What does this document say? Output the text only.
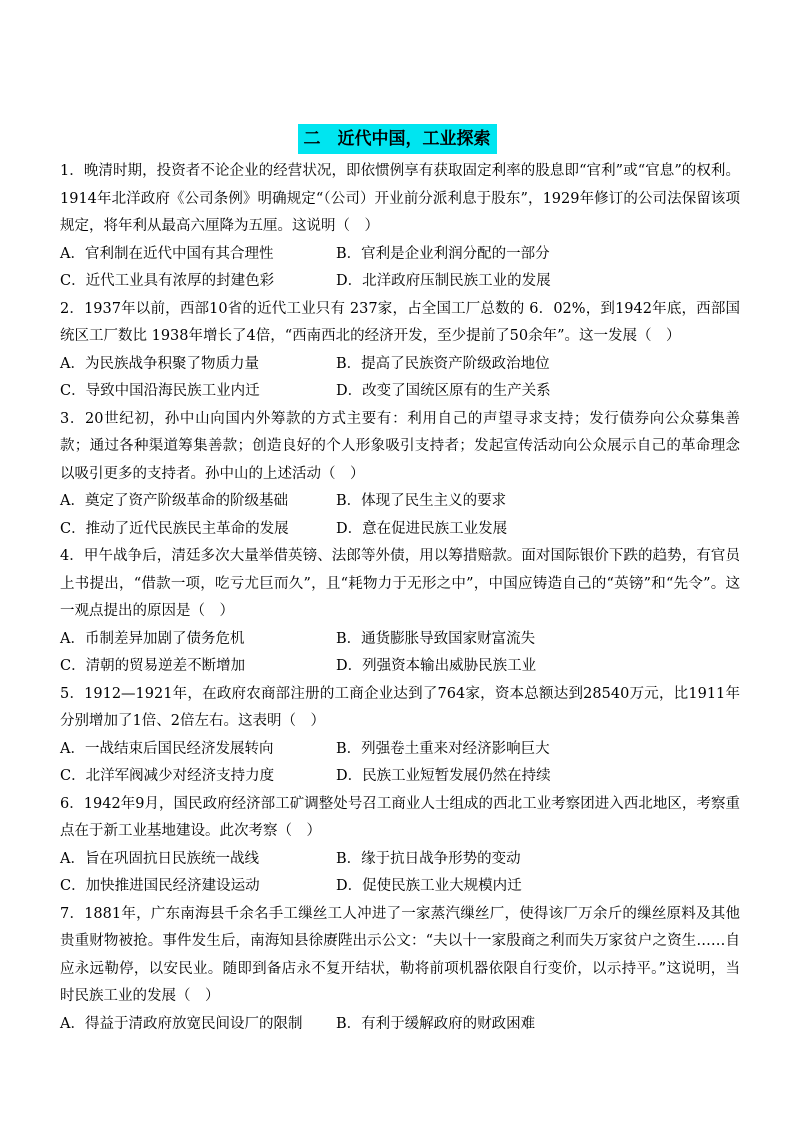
二　近代中国，工业探索

1．晚清时期，投资者不论企业的经营状况，即依惯例享有获取固定利率的股息即“官利”或“官息”的权利。1914年北洋政府《公司条例》明确规定“（公司）开业前分派利息于股东”，1929年修订的公司法保留该项规定，将年利从最高六厘降为五厘。这说明（　）

A．官利制在近代中国有其合理性	B．官利是企业利润分配的一部分
C．近代工业具有浓厚的封建色彩	D．北洋政府压制民族工业的发展

2．1937年以前，西部10省的近代工业只有 237家，占全国工厂总数的 6．02%，到1942年底，西部国统区工厂数比 1938年增长了4倍，“西南西北的经济开发，至少提前了50余年”。这一发展（　）

A．为民族战争积聚了物质力量	B．提高了民族资产阶级政治地位
C．导致中国沿海民族工业内迁	D．改变了国统区原有的生产关系

3．20世纪初，孙中山向国内外筹款的方式主要有：利用自己的声望寻求支持；发行债券向公众募集善款；通过各种渠道筹集善款；创造良好的个人形象吸引支持者；发起宣传活动向公众展示自己的革命理念以吸引更多的支持者。孙中山的上述活动（　）

A．奠定了资产阶级革命的阶级基础	B．体现了民生主义的要求
C．推动了近代民族民主革命的发展	D．意在促进民族工业发展

4．甲午战争后，清廷多次大量举借英镑、法郎等外债，用以筹措赔款。面对国际银价下跌的趋势，有官员上书提出，“借款一项，吃亏尤巨而久”，且“耗物力于无形之中”，中国应铸造自己的“英镑”和“先令”。这一观点提出的原因是（　）

A．币制差异加剧了债务危机	B．通货膨胀导致国家财富流失
C．清朝的贸易逆差不断增加	D．列强资本输出威胁民族工业

5．1912—1921年，在政府农商部注册的工商企业达到了764家，资本总额达到28540万元，比1911年分别增加了1倍、2倍左右。这表明（　）

A．一战结束后国民经济发展转向	B．列强卷土重来对经济影响巨大
C．北洋军阀减少对经济支持力度	D．民族工业短暂发展仍然在持续

6．1942年9月，国民政府经济部工矿调整处号召工商业人士组成的西北工业考察团进入西北地区，考察重点在于新工业基地建设。此次考察（　）

A．旨在巩固抗日民族统一战线	B．缘于抗日战争形势的变动
C．加快推进国民经济建设运动	D．促使民族工业大规模内迁

7．1881年，广东南海县千余名手工缫丝工人冲进了一家蒸汽缫丝厂，使得该厂万余斤的缫丝原料及其他贵重财物被抢。事件发生后，南海知县徐赓陛出示公文：“夫以十一家殷商之利而失万家贫户之资生……自应永远勒停，以安民业。随即到备店永不复开结状，勒将前项机器依限自行变价，以示持平。”这说明，当时民族工业的发展（　）

A．得益于清政府放宽民间设厂的限制	B．有利于缓解政府的财政困难
